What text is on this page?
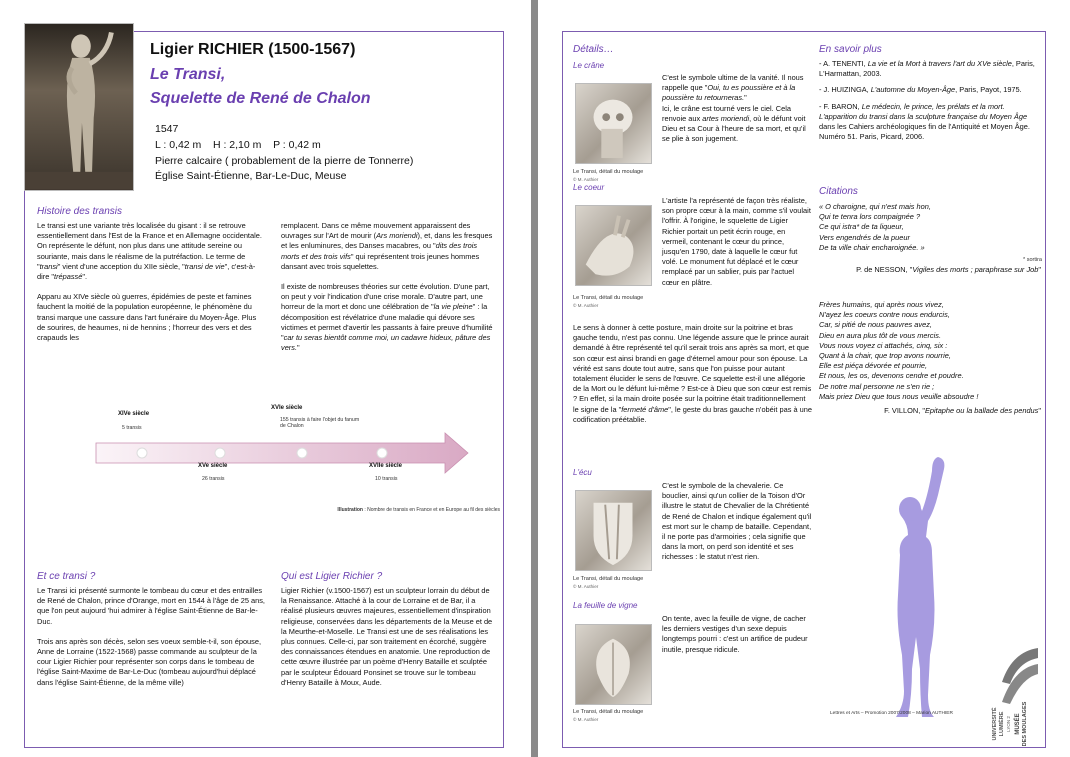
Ligier RICHIER (1500-1567)
Le Transi,
Squelette de René de Chalon
1547
L : 0,42 m    H : 2,10 m    P : 0,42 m
Pierre calcaire ( probablement de la pierre de Tonnerre)
Église Saint-Étienne, Bar-Le-Duc, Meuse
Histoire des transis

Le transi est une variante très localisée du gisant : il se retrouve essentiellement dans l'Est de la France et en Allemagne occidentale. On représente le défunt, non plus dans une attitude sereine ou souriante, mais dans le réalisme de la putréfaction. Le terme de "transi" vient d'une acception du XIIe siècle, "transi de vie", c'est-à-dire "trépassé".

Apparu au XIVe siècle où guerres, épidémies de peste et famines fauchent la moitié de la population européenne, le phénomène du transi marque une cassure dans l'art funéraire du Moyen-Âge. Plus de sourires, de heaumes, ni de hennins ; l'horreur des vers et des crapauds les

remplacent. Dans ce même mouvement apparaissent des ouvrages sur l'Art de mourir (Ars moriendi), et, dans les fresques et les enluminures, des Danses macabres, ou "dits des trois morts et des trois vifs" qui représentent trois jeunes hommes dansant avec trois squelettes.

Il existe de nombreuses théories sur cette évolution. D'une part, on peut y voir l'indication d'une crise morale. D'autre part, une horreur de la mort et donc une célébration de "la vie pleine" : la décomposition est révélatrice d'une maladie qui dévore ses victimes et permet d'avertir les passants à faire preuve d'humilité "car tu seras bientôt comme moi, un cadavre hideux, pâture des vers."

XIVe siècle
5 transis
XVIe siècle
155 transis à faire l'objet du fanum de Chalon
XVe siècle
26 transis
XVIIe siècle
10 transis
Illustration : Nombre de transis en France et en Europe au fil des siècles
Et ce transi ?

Le Transi ici présenté surmonte le tombeau du cœur et des entrailles de René de Chalon, prince d'Orange, mort en 1544 à l'âge de 25 ans, que l'on peut aujourd 'hui admirer à l'église Saint-Étienne de Bar-le-Duc.

Trois ans après son décès, selon ses voeux semble-t-il, son épouse, Anne de Lorraine (1522-1568) passe commande au sculpteur de la cour Ligier Richier pour représenter son corps dans le tombeau de l'église Saint-Maxime de Bar-Le-Duc (tombeau aujourd'hui déplacé dans l'église Saint-Étienne, de la même ville)

Qui est Ligier Richier ?

Ligier Richier (v.1500-1567) est un sculpteur lorrain du début de la Renaissance. Attaché à la cour de Lorraine et de Bar, il a réalisé plusieurs œuvres majeures, essentiellement d'inspiration religieuse, conservées dans les départements de la Meuse et de la Meurthe-et-Moselle. Le Transi est une de ses réalisations les plus connues. Celle-ci, par son traitement en écorché, suggère des connaissances étendues en anatomie. Une reproduction de cette œuvre illustrée par un poème d'Henry Bataille et sculptée par le sculpteur Édouard Ponsinet se trouve sur le tombeau d'Henry Bataille à Moux, Aude.

Détails…
Le crâne
Le Transi, détail du moulage
© M. Authier
C'est le symbole ultime de la vanité. Il nous rappelle que "Oui, tu es poussière et à la poussière tu retourneras."
Ici, le crâne est tourné vers le ciel. Cela renvoie aux artes moriendi, où le défunt voit Dieu et sa Cour à l'heure de sa mort, et qu'il se plie à son jugement.
Le coeur
Le Transi, détail du moulage
© M. Authier
L'artiste l'a représenté de façon très réaliste, son propre cœur à la main, comme s'il voulait l'offrir. À l'origine, le squelette de Ligier Richier portait un petit écrin rouge, en vermeil, contenant le cœur du prince, jusqu'en 1790, date à laquelle le cœur fut volé. Le monument fut déplacé et le cœur remplacé par un sablier, puis par l'actuel cœur en plâtre.
Le sens à donner à cette posture, main droite sur la poitrine et bras gauche tendu, n'est pas connu. Une légende assure que le prince aurait demandé à être représenté tel qu'il serait trois ans après sa mort, et que son cœur est ainsi brandi en gage d'éternel amour pour son épouse. La vérité est sans doute tout autre, sans que l'on puisse pour autant totalement élucider le sens de l'œuvre. Ce squelette est-il une allégorie de la Mort ou le défunt lui-même ? Est-ce à Dieu que son cœur est remis ? En effet, si la main droite posée sur la poitrine était traditionnellement le signe de la "fermeté d'âme", le geste du bras gauche n'obéit pas à une codification préétablie.
L'écu
Le Transi, détail du moulage
© M. Authier
C'est le symbole de la chevalerie. Ce bouclier, ainsi qu'un collier de la Toison d'Or illustre le statut de Chevalier de la Chrétienté de René de Chalon et indique également qu'il est mort sur le champ de bataille. Cependant, il ne porte pas d'armoiries ; cela signifie que dans la mort, on perd son identité et ses richesses : le statut n'est rien.
La feuille de vigne
Le Transi, détail du moulage
© M. Authier
On tente, avec la feuille de vigne, de cacher les derniers vestiges d'un sexe depuis longtemps pourri : c'est un artifice de pudeur inutile, presque ridicule.
En savoir plus

- A. TENENTI, La vie et la Mort à travers l'art du XVe siècle, Paris, L'Harmattan, 2003.

- J. HUIZINGA, L'automne du Moyen-Âge, Paris, Payot, 1975.

- F. BARON, Le médecin, le prince, les prélats et la mort. L'apparition du transi dans la sculpture française du Moyen Âge dans les Cahiers archéologiques fin de l'Antiquité et Moyen Âge. Numéro 51. Paris, Picard, 2006.

Citations
« O charoigne, qui n'est mais hon,
Qui te tenra lors compaignée ?
Ce qui istra* de ta liqueur,
Vers engendrés de la pueur
De ta ville chair encharoignée. »
* sortira
P. de NESSON, "Vigiles des morts ; paraphrase sur Job"
Frères humains, qui après nous vivez,
N'ayez les coeurs contre nous endurcis,
Car, si pitié de nous pauvres avez,
Dieu en aura plus tôt de vous mercis.
Vous nous voyez ci attachés, cinq, six :
Quant à la chair, que trop avons nourrie,
Elle est piéça dévorée et pourrie,
Et nous, les os, devenons cendre et poudre.
De notre mal personne ne s'en rie ;
Mais priez Dieu que tous nous veuille absoudre !
F. VILLON, "Epitaphe ou la ballade des pendus"
Lettres et Arts – Promotion 2007/2008 – Marion AUTHIER	UNIVERSITÉ LUMIÈRE LYON 2 MUSÉE DES MOULAGES
